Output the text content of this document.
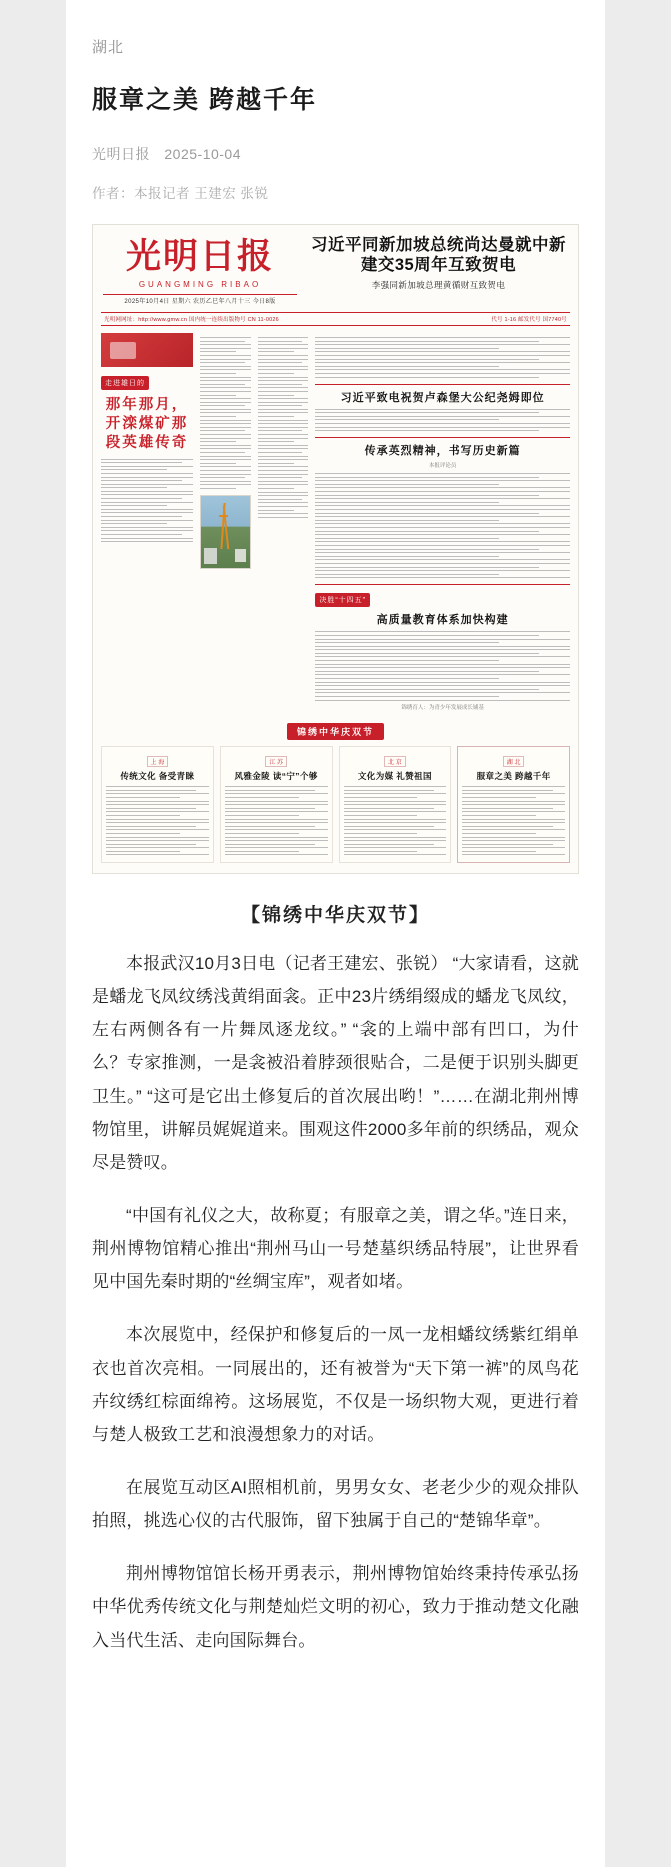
湖北
服章之美 跨越千年
光明日报 2025-10-04
作者：本报记者 王建宏 张锐
光明日报
GUANGMING RIBAO
2025年10月4日 星期六 农历乙巳年八月十三 今日8版
习近平同新加坡总统尚达曼就中新建交35周年互致贺电
李强同新加坡总理黄循财互致贺电
光明网网址：http://www.gmw.cn 国内统一连续出版物号 CN 11-0026	代号 1-16 邮发代号 国7740号
走进雄日的
那年那月，开滦煤矿那段英雄传奇
习近平致电祝贺卢森堡大公纪尧姆即位
传承英烈精神，书写历史新篇
本报评论员
决胜“十四五”
高质量教育体系加快构建
锦绣育人：为青少年发展成长铺基
锦绣中华庆双节
上 海
传统文化 备受青睐
江 苏
风雅金陵 读“宁”个够
北 京
文化为媒 礼赞祖国
湖 北
服章之美 跨越千年
【锦绣中华庆双节】

本报武汉10月3日电（记者王建宏、张锐） “大家请看，这就是蟠龙飞凤纹绣浅黄绢面衾。正中23片绣绢缀成的蟠龙飞凤纹，左右两侧各有一片舞凤逐龙纹。” “衾的上端中部有凹口，为什么？专家推测，一是衾被沿着脖颈很贴合，二是便于识别头脚更卫生。” “这可是它出土修复后的首次展出哟！”……在湖北荆州博物馆里，讲解员娓娓道来。围观这件2000多年前的织绣品，观众尽是赞叹。

“中国有礼仪之大，故称夏；有服章之美，谓之华。”连日来，荆州博物馆精心推出“荆州马山一号楚墓织绣品特展”，让世界看见中国先秦时期的“丝绸宝库”，观者如堵。

本次展览中，经保护和修复后的一凤一龙相蟠纹绣紫红绢单衣也首次亮相。一同展出的，还有被誉为“天下第一裤”的凤鸟花卉纹绣红棕面绵袴。这场展览，不仅是一场织物大观，更进行着与楚人极致工艺和浪漫想象力的对话。

在展览互动区AI照相机前，男男女女、老老少少的观众排队拍照，挑选心仪的古代服饰，留下独属于自己的“楚锦华章”。

荆州博物馆馆长杨开勇表示，荆州博物馆始终秉持传承弘扬中华优秀传统文化与荆楚灿烂文明的初心，致力于推动楚文化融入当代生活、走向国际舞台。
